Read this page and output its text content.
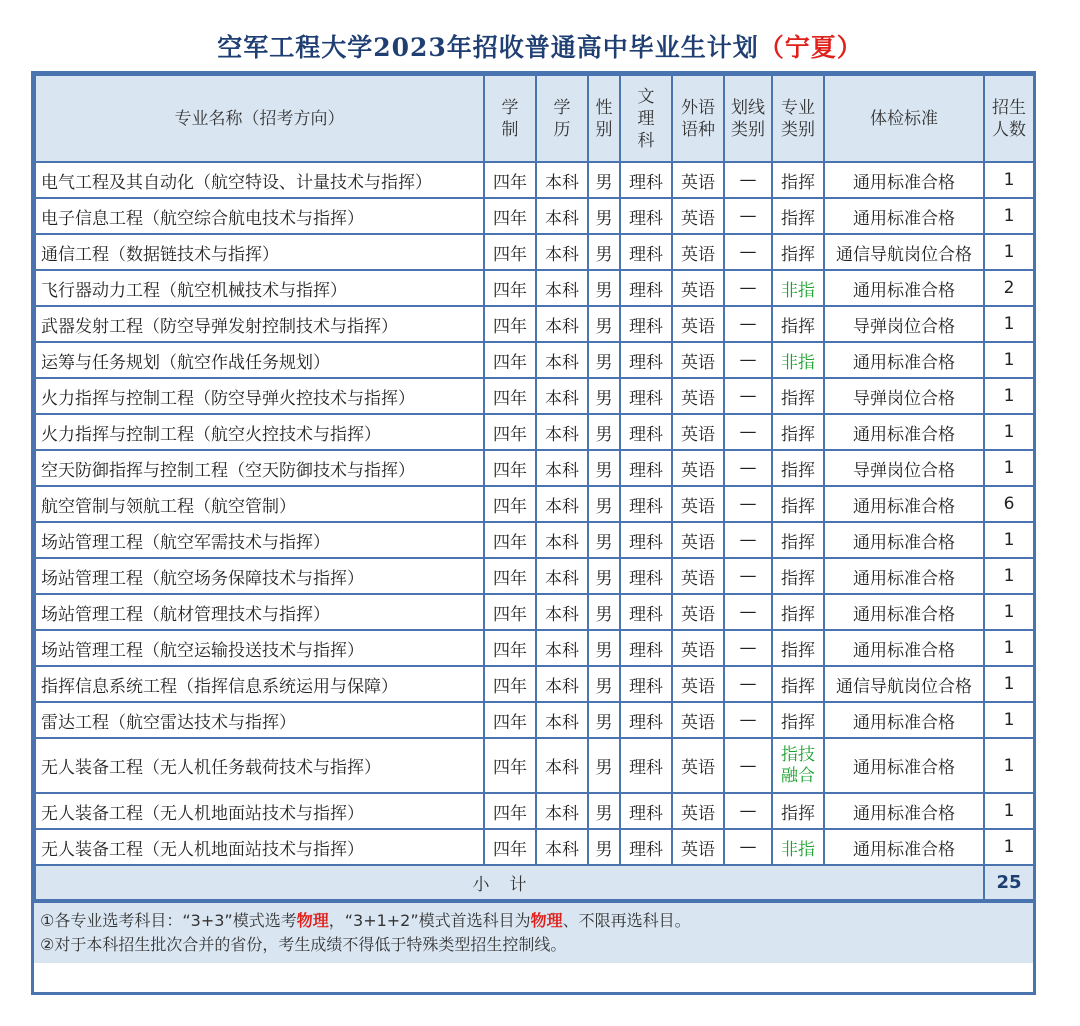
空军工程大学2023年招收普通高中毕业生计划（宁夏）
专业名称（招考方向）	学制	学历	性别	文理科	外语语种	划线类别	专业类别	体检标准	招生人数
电气工程及其自动化（航空特设、计量技术与指挥）	四年	本科	男	理科	英语	—	指挥	通用标准合格	1
电子信息工程（航空综合航电技术与指挥）	四年	本科	男	理科	英语	—	指挥	通用标准合格	1
通信工程（数据链技术与指挥）	四年	本科	男	理科	英语	—	指挥	通信导航岗位合格	1
飞行器动力工程（航空机械技术与指挥）	四年	本科	男	理科	英语	—	非指	通用标准合格	2
武器发射工程（防空导弹发射控制技术与指挥）	四年	本科	男	理科	英语	—	指挥	导弹岗位合格	1
运筹与任务规划（航空作战任务规划）	四年	本科	男	理科	英语	—	非指	通用标准合格	1
火力指挥与控制工程（防空导弹火控技术与指挥）	四年	本科	男	理科	英语	—	指挥	导弹岗位合格	1
火力指挥与控制工程（航空火控技术与指挥）	四年	本科	男	理科	英语	—	指挥	通用标准合格	1
空天防御指挥与控制工程（空天防御技术与指挥）	四年	本科	男	理科	英语	—	指挥	导弹岗位合格	1
航空管制与领航工程（航空管制）	四年	本科	男	理科	英语	—	指挥	通用标准合格	6
场站管理工程（航空军需技术与指挥）	四年	本科	男	理科	英语	—	指挥	通用标准合格	1
场站管理工程（航空场务保障技术与指挥）	四年	本科	男	理科	英语	—	指挥	通用标准合格	1
场站管理工程（航材管理技术与指挥）	四年	本科	男	理科	英语	—	指挥	通用标准合格	1
场站管理工程（航空运输投送技术与指挥）	四年	本科	男	理科	英语	—	指挥	通用标准合格	1
指挥信息系统工程（指挥信息系统运用与保障）	四年	本科	男	理科	英语	—	指挥	通信导航岗位合格	1
雷达工程（航空雷达技术与指挥）	四年	本科	男	理科	英语	—	指挥	通用标准合格	1
无人装备工程（无人机任务载荷技术与指挥）	四年	本科	男	理科	英语	—	指技融合	通用标准合格	1
无人装备工程（无人机地面站技术与指挥）	四年	本科	男	理科	英语	—	指挥	通用标准合格	1
无人装备工程（无人机地面站技术与指挥）	四年	本科	男	理科	英语	—	非指	通用标准合格	1
小计									25
①各专业选考科目：“3+3”模式选考物理，“3+1+2”模式首选科目为物理、不限再选科目。
②对于本科招生批次合并的省份，考生成绩不得低于特殊类型招生控制线。
